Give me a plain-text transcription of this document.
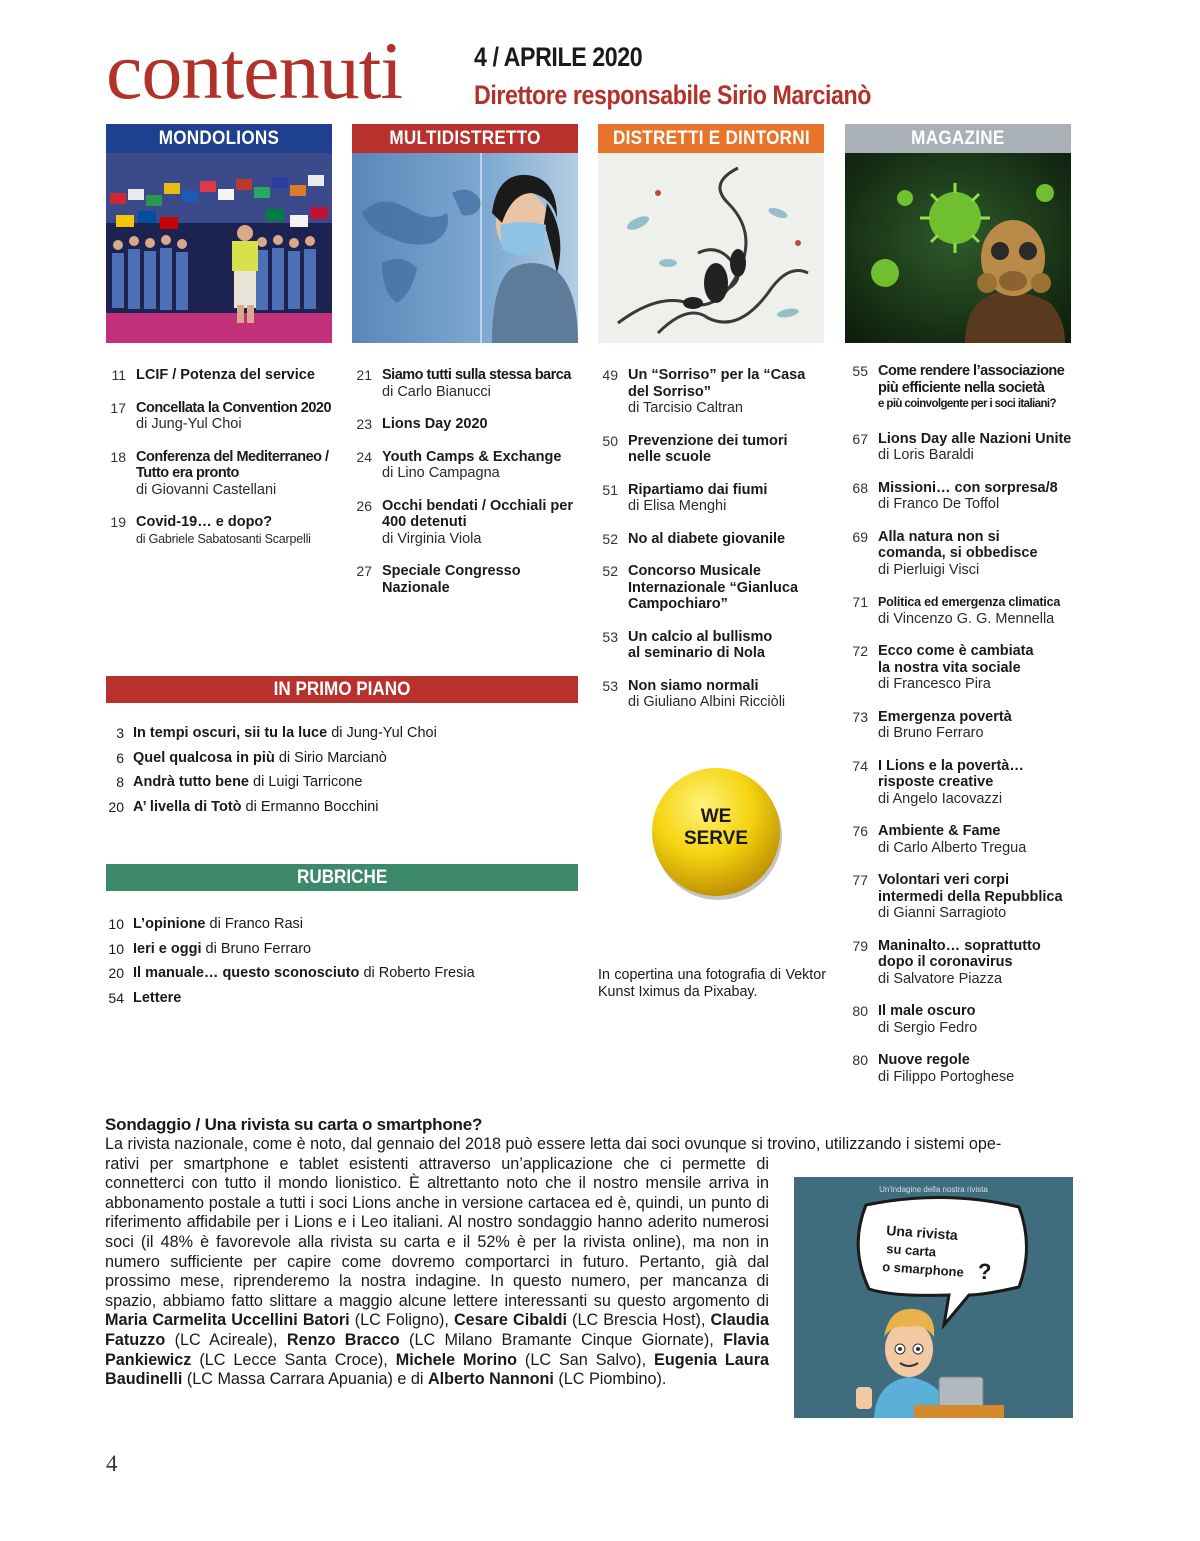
contenuti	4 / APRILE 2020
Direttore responsabile Sirio Marcianò
MONDOLIONS	MULTIDISTRETTO	DISTRETTI E DINTORNI	MAGAZINE
11 LCIF / Potenza del service
17 Concellata la Convention 2020
di Jung-Yul Choi
18 Conferenza del Mediterraneo / Tutto era pronto
di Giovanni Castellani
19 Covid-19… e dopo?
di Gabriele Sabatosanti Scarpelli
21 Siamo tutti sulla stessa barca
di Carlo Bianucci
23 Lions Day 2020
24 Youth Camps & Exchange
di Lino Campagna
26 Occhi bendati / Occhiali per 400 detenuti
di Virginia Viola
27 Speciale Congresso Nazionale
49 Un “Sorriso” per la “Casa del Sorriso”
di Tarcisio Caltran
50 Prevenzione dei tumori nelle scuole
51 Ripartiamo dai fiumi
di Elisa Menghi
52 No al diabete giovanile
52 Concorso Musicale Internazionale “Gianluca Campochiaro”
53 Un calcio al bullismo al seminario di Nola
53 Non siamo normali
di Giuliano Albini Ricciòli
55 Come rendere l’associazione più efficiente nella società
e più coinvolgente per i soci italiani?
67 Lions Day alle Nazioni Unite
di Loris Baraldi
68 Missioni… con sorpresa/8
di Franco De Toffol
69 Alla natura non si comanda, si obbedisce
di Pierluigi Visci
71 Politica ed emergenza climatica
di Vincenzo G. G. Mennella
72 Ecco come è cambiata la nostra vita sociale
di Francesco Pira
73 Emergenza povertà
di Bruno Ferraro
74 I Lions e la povertà… risposte creative
di Angelo Iacovazzi
76 Ambiente & Fame
di Carlo Alberto Tregua
77 Volontari veri corpi intermedi della Repubblica
di Gianni Sarragioto
79 Maninalto… soprattutto dopo il coronavirus
di Salvatore Piazza
80 Il male oscuro
di Sergio Fedro
80 Nuove regole
di Filippo Portoghese
IN PRIMO PIANO
3 In tempi oscuri, sii tu la luce di Jung-Yul Choi
6 Quel qualcosa in più di Sirio Marcianò
8 Andrà tutto bene di Luigi Tarricone
20 A’ livella di Totò di Ermanno Bocchini
RUBRICHE
10 L’opinione di Franco Rasi
10 Ieri e oggi di Bruno Ferraro
20 Il manuale… questo sconosciuto di Roberto Fresia
54 Lettere
WE
SERVE
In copertina una fotografia di Vektor Kunst Iximus da Pixabay.
Sondaggio / Una rivista su carta o smartphone?
La rivista nazionale, come è noto, dal gennaio del 2018 può essere letta dai soci ovunque si trovino, utilizzando i sistemi ope-
rativi per smartphone e tablet esistenti attraverso un’applicazione che ci permette di connetterci con tutto il mondo lionistico. È altrettanto noto che il nostro mensile arriva in abbonamento postale a tutti i soci Lions anche in versione cartacea ed è, quindi, un punto di riferimento affidabile per i Lions e i Leo italiani. Al nostro sondaggio hanno aderito numerosi soci (il 48% è favorevole alla rivista su carta e il 52% è per la rivista online), ma non in numero sufficiente per capire come dovremo comportarci in futuro. Pertanto, già dal prossimo mese, riprenderemo la nostra indagine. In questo numero, per mancanza di spazio, abbiamo fatto slittare a maggio alcune lettere interessanti su questo argomento di Maria Carmelita Uccellini Batori (LC Foligno), Cesare Cibaldi (LC Brescia Host), Claudia Fatuzzo (LC Acireale), Renzo Bracco (LC Milano Bramante Cinque Giornate), Flavia Pankiewicz (LC Lecce Santa Croce), Michele Morino (LC San Salvo), Eugenia Laura Baudinelli (LC Massa Carrara Apuania) e di Alberto Nannoni (LC Piombino).
Un'indagine della nostra rivista
Una rivista
su carta
o smarphone ?
4
